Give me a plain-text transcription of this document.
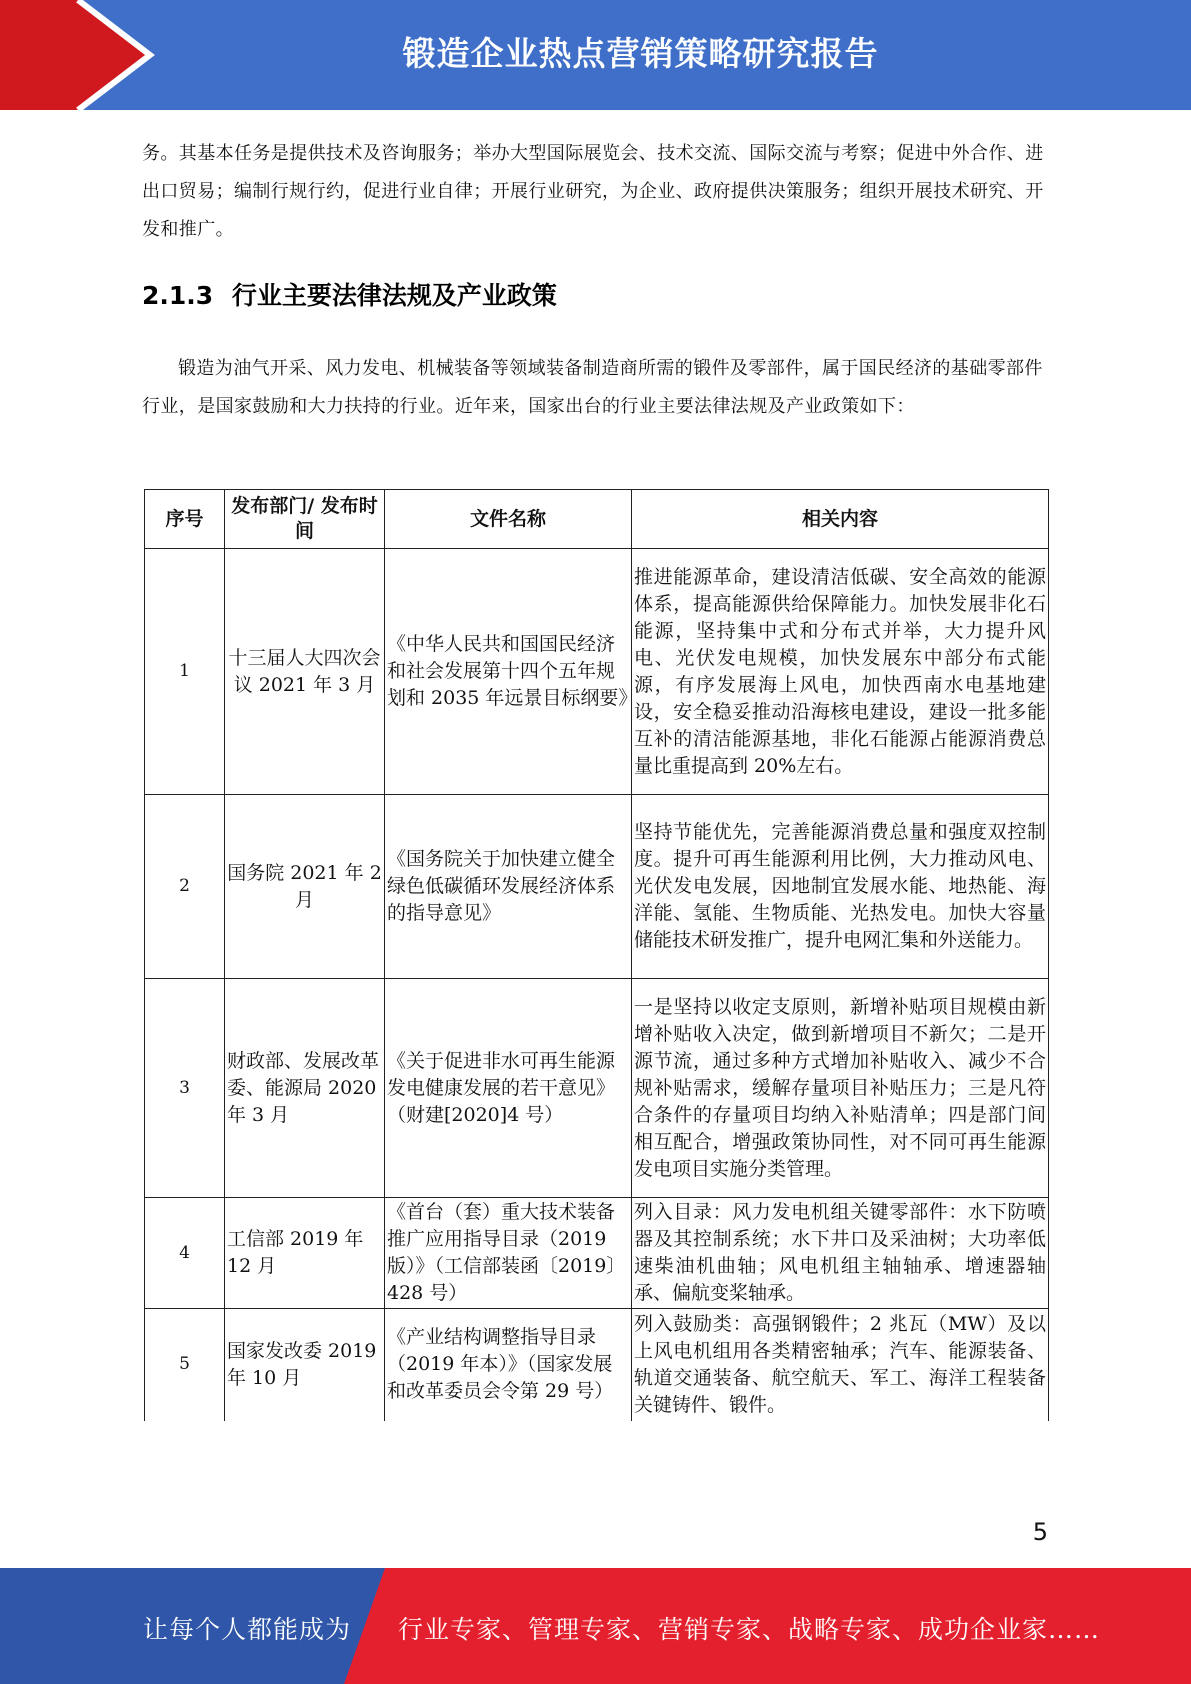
锻造企业热点营销策略研究报告

务。其基本任务是提供技术及咨询服务；举办大型国际展览会、技术交流、国际交流与考察；促进中外合作、进出口贸易；编制行规行约，促进行业自律；开展行业研究，为企业、政府提供决策服务；组织开展技术研究、开发和推广。

2.1.3 行业主要法律法规及产业政策

锻造为油气开采、风力发电、机械装备等领域装备制造商所需的锻件及零部件，属于国民经济的基础零部件行业，是国家鼓励和大力扶持的行业。近年来，国家出台的行业主要法律法规及产业政策如下：

序号	发布部门/ 发布时间	文件名称	相关内容
1	十三届人大四次会议 2021 年 3 月	《中华人民共和国国民经济和社会发展第十四个五年规划和 2035 年远景目标纲要》	推进能源革命，建设清洁低碳、安全高效的能源体系，提高能源供给保障能力。加快发展非化石能源，坚持集中式和分布式并举，大力提升风电、光伏发电规模，加快发展东中部分布式能源，有序发展海上风电，加快西南水电基地建设，安全稳妥推动沿海核电建设，建设一批多能互补的清洁能源基地，非化石能源占能源消费总量比重提高到 20%左右。
2	国务院 2021 年 2 月	《国务院关于加快建立健全绿色低碳循环发展经济体系的指导意见》	坚持节能优先，完善能源消费总量和强度双控制度。提升可再生能源利用比例，大力推动风电、光伏发电发展，因地制宜发展水能、地热能、海洋能、氢能、生物质能、光热发电。加快大容量储能技术研发推广，提升电网汇集和外送能力。
3	财政部、发展改革委、能源局 2020 年 3 月	《关于促进非水可再生能源发电健康发展的若干意见》
（财建[2020]4 号）	一是坚持以收定支原则，新增补贴项目规模由新增补贴收入决定，做到新增项目不新欠；二是开源节流，通过多种方式增加补贴收入、减少不合规补贴需求，缓解存量项目补贴压力；三是凡符合条件的存量项目均纳入补贴清单；四是部门间相互配合，增强政策协同性，对不同可再生能源发电项目实施分类管理。
4	工信部 2019 年 12 月	《首台（套）重大技术装备推广应用指导目录（2019 版）》（工信部装函〔2019〕 428 号）	列入目录：风力发电机组关键零部件：水下防喷器及其控制系统；水下井口及采油树；大功率低速柴油机曲轴；风电机组主轴轴承、增速器轴承、偏航变桨轴承。
5	国家发改委 2019 年 10 月	《产业结构调整指导目录（2019 年本）》（国家发展和改革委员会令第 29 号）	列入鼓励类：高强钢锻件；2 兆瓦（MW）及以上风电机组用各类精密轴承；汽车、能源装备、轨道交通装备、航空航天、军工、海洋工程装备关键铸件、锻件。
5
让每个人都能成为 行业专家、管理专家、营销专家、战略专家、成功企业家……
